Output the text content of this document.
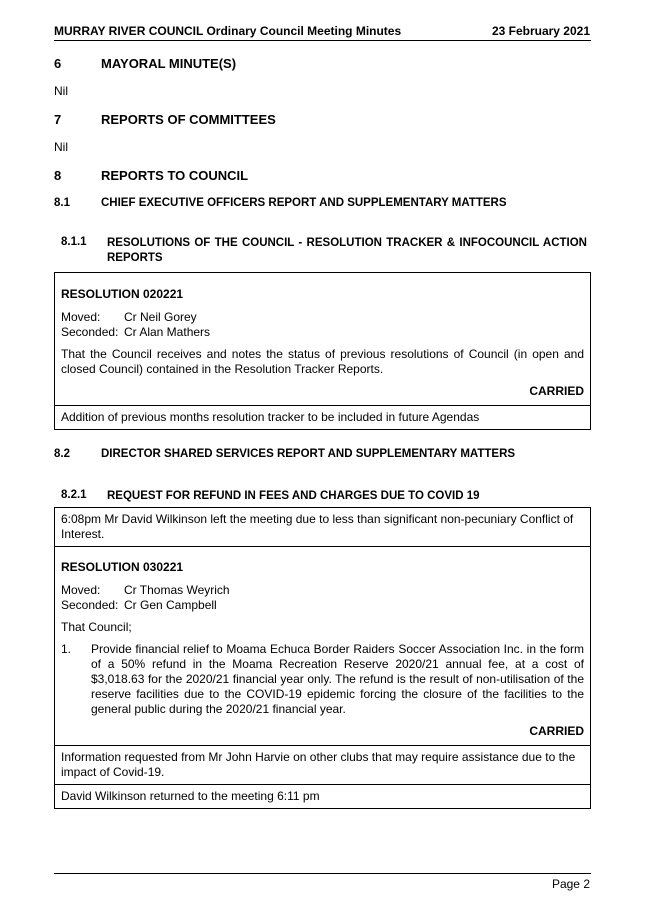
MURRAY RIVER COUNCIL Ordinary Council Meeting Minutes	23 February 2021
6	MAYORAL MINUTE(S)
Nil
7	REPORTS OF COMMITTEES
Nil
8	REPORTS TO COUNCIL
8.1	CHIEF EXECUTIVE OFFICERS REPORT AND SUPPLEMENTARY MATTERS
8.1.1 RESOLUTIONS OF THE COUNCIL - RESOLUTION TRACKER & INFOCOUNCIL ACTION REPORTS
RESOLUTION 020221
Moved:	Cr Neil Gorey
Seconded: Cr Alan Mathers
That the Council receives and notes the status of previous resolutions of Council (in open and closed Council) contained in the Resolution Tracker Reports.
CARRIED
Addition of previous months resolution tracker to be included in future Agendas
8.2	DIRECTOR SHARED SERVICES REPORT AND SUPPLEMENTARY MATTERS
8.2.1 REQUEST FOR REFUND IN FEES AND CHARGES DUE TO COVID 19
6:08pm Mr David Wilkinson left the meeting due to less than significant non-pecuniary Conflict of Interest.
RESOLUTION 030221
Moved:	Cr Thomas Weyrich
Seconded: Cr Gen Campbell
That Council;
1.	Provide financial relief to Moama Echuca Border Raiders Soccer Association Inc. in the form of a 50% refund in the Moama Recreation Reserve 2020/21 annual fee, at a cost of $3,018.63 for the 2020/21 financial year only. The refund is the result of non-utilisation of the reserve facilities due to the COVID-19 epidemic forcing the closure of the facilities to the general public during the 2020/21 financial year.
CARRIED
Information requested from Mr John Harvie on other clubs that may require assistance due to the impact of Covid-19.
David Wilkinson returned to the meeting 6:11 pm
Page 2
